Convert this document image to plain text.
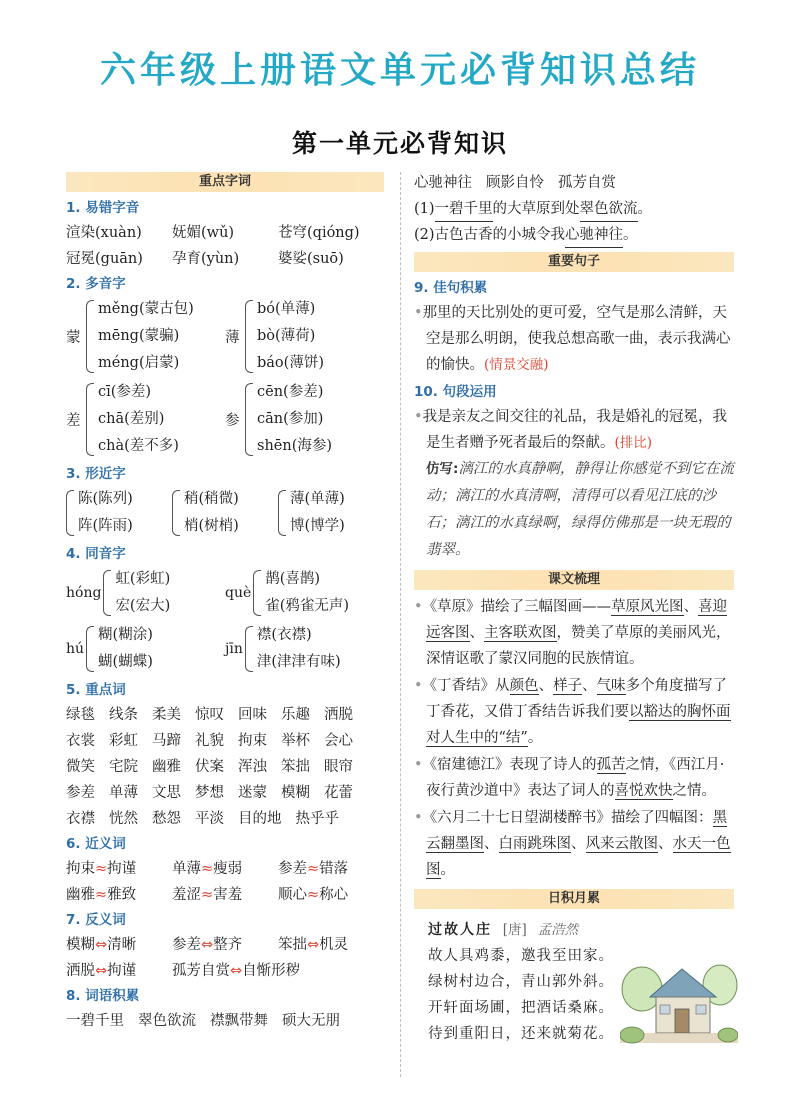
六年级上册语文单元必背知识总结
第一单元必背知识
重点字词
1. 易错字音
渲染(xuàn)	妩媚(wǔ)	苍穹(qióng)
冠冕(guān)	孕育(yùn)	婆娑(suō)
2. 多音字
蒙
měng(蒙古包)
mēng(蒙骗)
méng(启蒙)
薄
bó(单薄)
bò(薄荷)
báo(薄饼)
差
cī(参差)
chā(差别)
chà(差不多)
参
cēn(参差)
cān(参加)
shēn(海参)
3. 形近字
陈(陈列)
阵(阵雨)
稍(稍微)
梢(树梢)
薄(单薄)
博(博学)
4. 同音字
hóng
虹(彩虹)
宏(宏大)
què
鹊(喜鹊)
雀(鸦雀无声)
hú
糊(糊涂)
蝴(蝴蝶)
jīn
襟(衣襟)
津(津津有味)
5. 重点词
绿毯 线条 柔美 惊叹 回味 乐趣 洒脱
衣裳 彩虹 马蹄 礼貌 拘束 举杯 会心
微笑 宅院 幽雅 伏案 浑浊 笨拙 眼帘
参差 单薄 文思 梦想 迷蒙 模糊 花蕾
衣襟 恍然 愁怨 平淡 目的地 热乎乎
6. 近义词
拘束≈拘谨	单薄≈瘦弱	参差≈错落
幽雅≈雅致	羞涩≈害羞	顺心≈称心
7. 反义词
模糊⇔清晰	参差⇔整齐	笨拙⇔机灵
洒脱⇔拘谨	孤芳自赏⇔自惭形秽
8. 词语积累
一碧千里 翠色欲流 襟飘带舞 硕大无朋
心驰神往 顾影自怜 孤芳自赏
(1) 一碧千里 的大草原到处 翠色欲流 。
(2)古色古香的小城令我 心驰神往 。
重要句子
9. 佳句积累
•那里的天比别处的更可爱，空气是那么清鲜，天空是那么明朗，使我总想高歌一曲，表示我满心的愉快。(情景交融)
10. 句段运用
•我是亲友之间交往的礼品，我是婚礼的冠冕，我是生者赠予死者最后的祭献。(排比)
仿写:漓江的水真静啊，静得让你感觉不到它在流动；漓江的水真清啊，清得可以看见江底的沙石；漓江的水真绿啊，绿得仿佛那是一块无瑕的翡翠。
课文梳理
•《草原》描绘了三幅图画——草原风光图、喜迎远客图、主客联欢图，赞美了草原的美丽风光，深情讴歌了蒙汉同胞的民族情谊。
•《丁香结》从颜色、样子、气味多个角度描写了丁香花，又借丁香结告诉我们要以豁达的胸怀面对人生中的“结”。
•《宿建德江》表现了诗人的孤苦之情，《西江月·夜行黄沙道中》表达了词人的喜悦欢快之情。
•《六月二十七日望湖楼醉书》描绘了四幅图：黑云翻墨图、白雨跳珠图、风来云散图、水天一色图。
日积月累
过故人庄 [唐] 孟浩然
故人具鸡黍，邀我至田家。
绿树村边合，青山郭外斜。
开轩面场圃，把酒话桑麻。
待到重阳日，还来就菊花。
